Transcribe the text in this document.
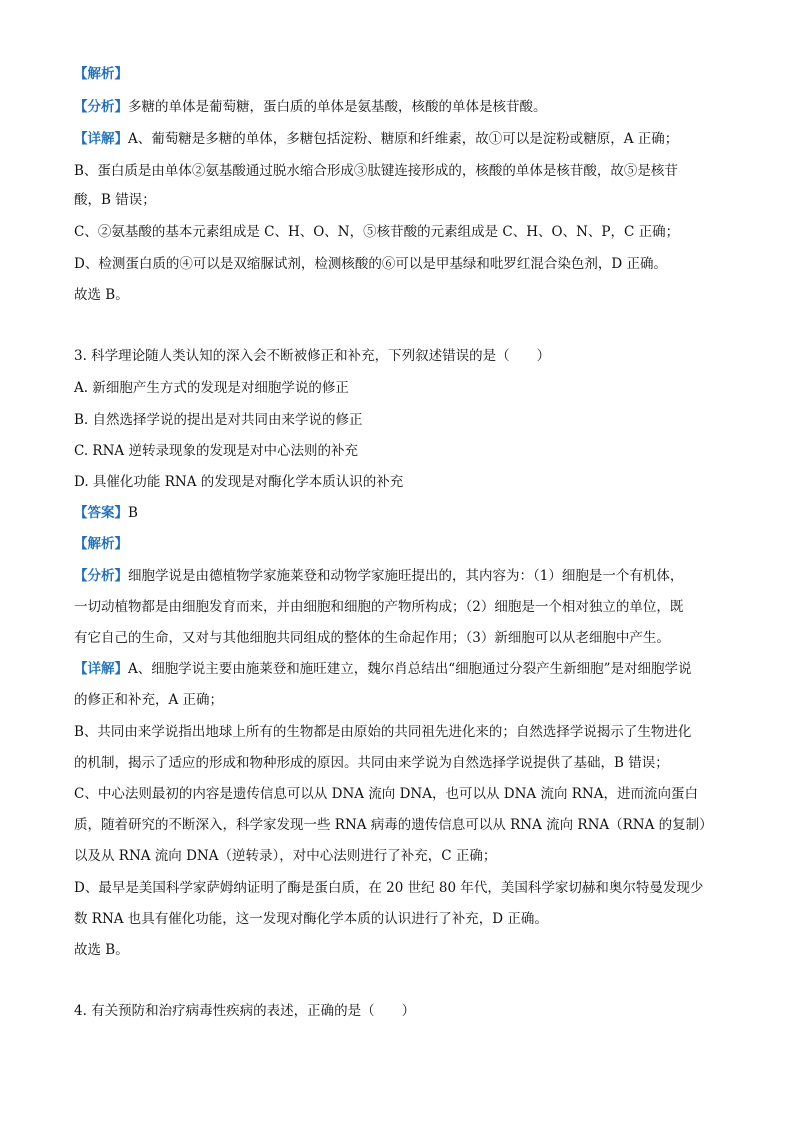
【解析】
【分析】多糖的单体是葡萄糖，蛋白质的单体是氨基酸，核酸的单体是核苷酸。
【详解】A、葡萄糖是多糖的单体，多糖包括淀粉、糖原和纤维素，故①可以是淀粉或糖原，A 正确；
B、蛋白质是由单体②氨基酸通过脱水缩合形成③肽键连接形成的，核酸的单体是核苷酸，故⑤是核苷
酸，B 错误；
C、②氨基酸的基本元素组成是 C、H、O、N，⑤核苷酸的元素组成是 C、H、O、N、P，C 正确；
D、检测蛋白质的④可以是双缩脲试剂，检测核酸的⑥可以是甲基绿和吡罗红混合染色剂，D 正确。
故选 B。
3. 科学理论随人类认知的深入会不断被修正和补充，下列叙述错误的是（　　）
A. 新细胞产生方式的发现是对细胞学说的修正
B. 自然选择学说的提出是对共同由来学说的修正
C. RNA 逆转录现象的发现是对中心法则的补充
D. 具催化功能 RNA 的发现是对酶化学本质认识的补充
【答案】B
【解析】
【分析】细胞学说是由德植物学家施莱登和动物学家施旺提出的，其内容为：（1）细胞是一个有机体，
一切动植物都是由细胞发育而来，并由细胞和细胞的产物所构成；（2）细胞是一个相对独立的单位，既
有它自己的生命，又对与其他细胞共同组成的整体的生命起作用；（3）新细胞可以从老细胞中产生。
【详解】A、细胞学说主要由施莱登和施旺建立，魏尔肖总结出“细胞通过分裂产生新细胞”是对细胞学说
的修正和补充，A 正确；
B、共同由来学说指出地球上所有的生物都是由原始的共同祖先进化来的；自然选择学说揭示了生物进化
的机制，揭示了适应的形成和物种形成的原因。共同由来学说为自然选择学说提供了基础，B 错误；
C、中心法则最初的内容是遗传信息可以从 DNA 流向 DNA，也可以从 DNA 流向 RNA，进而流向蛋白
质，随着研究的不断深入，科学家发现一些 RNA 病毒的遗传信息可以从 RNA 流向 RNA（RNA 的复制）
以及从 RNA 流向 DNA（逆转录），对中心法则进行了补充，C 正确；
D、最早是美国科学家萨姆纳证明了酶是蛋白质，在 20 世纪 80 年代，美国科学家切赫和奥尔特曼发现少
数 RNA 也具有催化功能，这一发现对酶化学本质的认识进行了补充，D 正确。
故选 B。
4. 有关预防和治疗病毒性疾病的表述，正确的是（　　）
